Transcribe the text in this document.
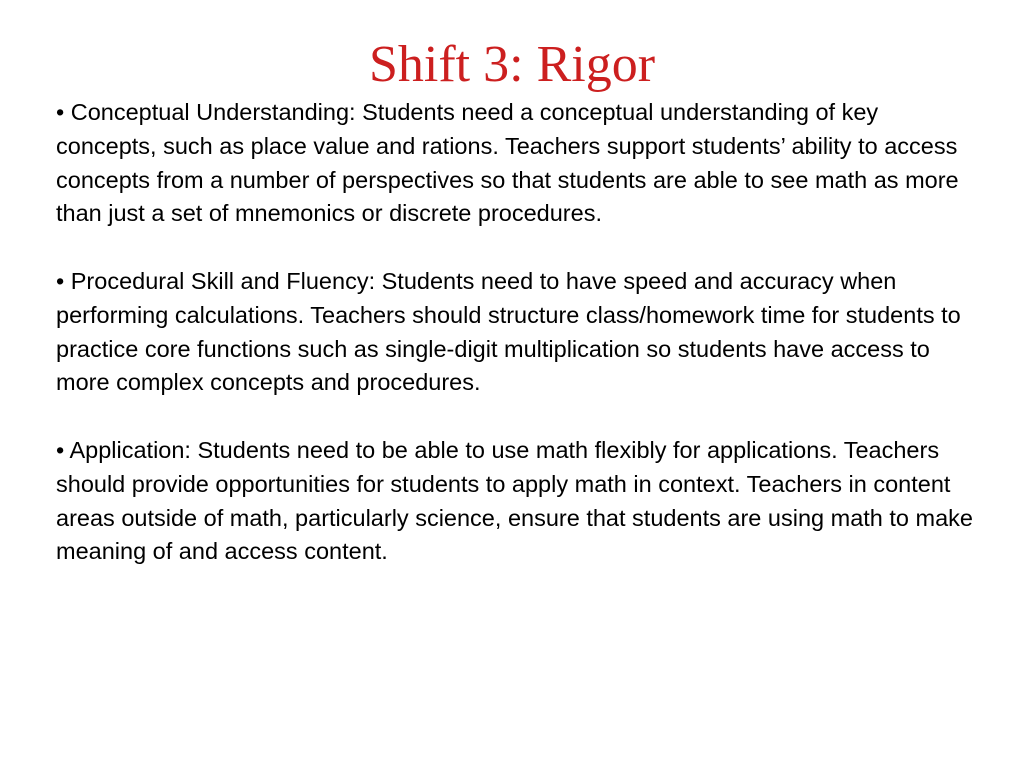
Shift 3: Rigor

• Conceptual Understanding: Students need a conceptual understanding of key concepts, such as place value and rations. Teachers support students’ ability to access concepts from a number of perspectives so that students are able to see math as more than just a set of mnemonics or discrete procedures.

• Procedural Skill and Fluency: Students need to have speed and accuracy when performing calculations. Teachers should structure class/homework time for students to practice core functions such as single-digit multiplication so students have access to more complex concepts and procedures.

• Application: Students need to be able to use math flexibly for applications. Teachers should provide opportunities for students to apply math in context. Teachers in content areas outside of math, particularly science, ensure that students are using math to make meaning of and access content.
